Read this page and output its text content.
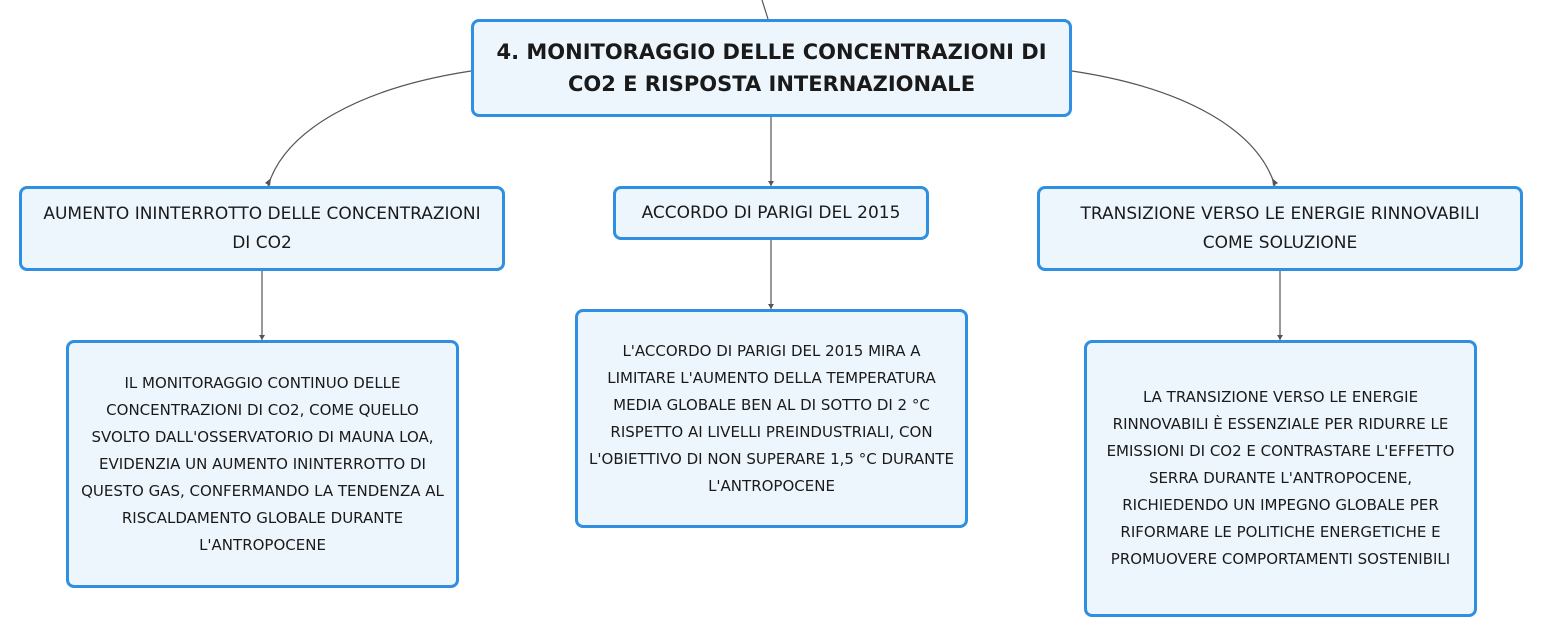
4. MONITORAGGIO DELLE CONCENTRAZIONI DI CO2 E RISPOSTA INTERNAZIONALE
AUMENTO ININTERROTTO DELLE CONCENTRAZIONI DI CO2
ACCORDO DI PARIGI DEL 2015	TRANSIZIONE VERSO LE ENERGIE RINNOVABILI COME SOLUZIONE
IL MONITORAGGIO CONTINUO DELLE CONCENTRAZIONI DI CO2, COME QUELLO SVOLTO DALL'OSSERVATORIO DI MAUNA LOA, EVIDENZIA UN AUMENTO ININTERROTTO DI QUESTO GAS, CONFERMANDO LA TENDENZA AL RISCALDAMENTO GLOBALE DURANTE L'ANTROPOCENE
L'ACCORDO DI PARIGI DEL 2015 MIRA A LIMITARE L'AUMENTO DELLA TEMPERATURA MEDIA GLOBALE BEN AL DI SOTTO DI 2 °C RISPETTO AI LIVELLI PREINDUSTRIALI, CON L'OBIETTIVO DI NON SUPERARE 1,5 °C DURANTE L'ANTROPOCENE
LA TRANSIZIONE VERSO LE ENERGIE RINNOVABILI È ESSENZIALE PER RIDURRE LE EMISSIONI DI CO2 E CONTRASTARE L'EFFETTO SERRA DURANTE L'ANTROPOCENE, RICHIEDENDO UN IMPEGNO GLOBALE PER RIFORMARE LE POLITICHE ENERGETICHE E PROMUOVERE COMPORTAMENTI SOSTENIBILI
